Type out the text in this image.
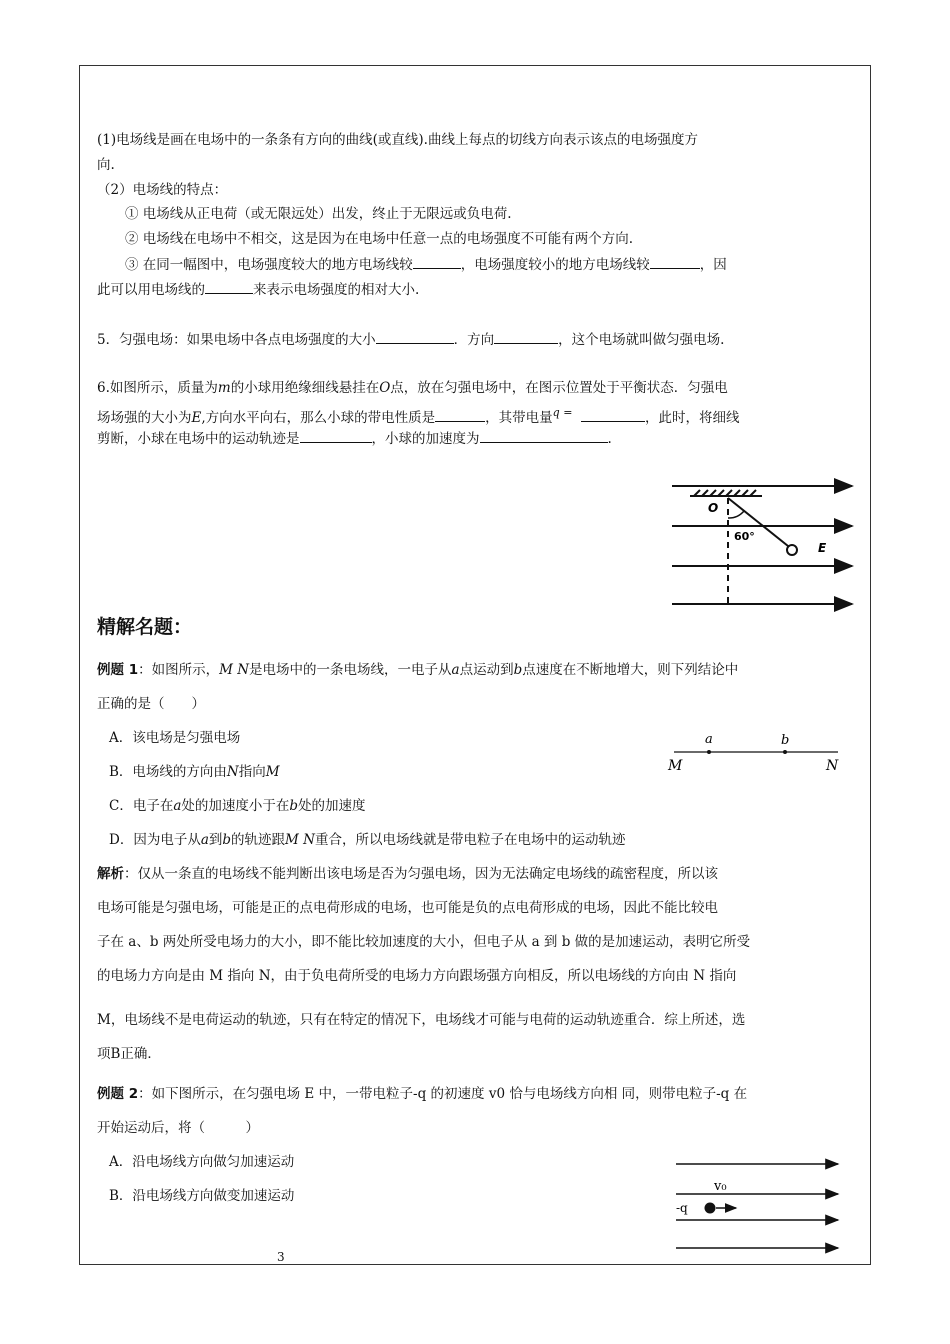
(1)电场线是画在电场中的一条条有方向的曲线(或直线).曲线上每点的切线方向表示该点的电场强度方
向.
（2）电场线的特点：
① 电场线从正电荷（或无限远处）出发，终止于无限远或负电荷.
② 电场线在电场中不相交，这是因为在电场中任意一点的电场强度不可能有两个方向.
③ 在同一幅图中，电场强度较大的地方电场线较	，电场强度较小的地方电场线较	，因
此可以用电场线的	来表示电场强度的相对大小.
5．匀强电场：如果电场中各点电场强度的大小	．方向	，这个电场就叫做匀强电场.
6.如图所示，质量为m的小球用绝缘细线悬挂在O点，放在匀强电场中，在图示位置处于平衡状态．匀强电
场场强的大小为E,方向水平向右，那么小球的带电性质是	，其带电量$^{q =}$	，此时，将细线
剪断，小球在电场中的运动轨迹是	，小球的加速度为	.
O
60°
E
精解名题：
例题 1：如图所示，M N是电场中的一条电场线，一电子从a点运动到b点速度在不断地增大，则下列结论中
正确的是（　　）
A．该电场是匀强电场
B．电场线的方向由N指向M
C．电子在a处的加速度小于在b处的加速度
D．因为电子从a到b的轨迹跟M N重合，所以电场线就是带电粒子在电场中的运动轨迹
a	b
M	N
解析：仅从一条直的电场线不能判断出该电场是否为匀强电场，因为无法确定电场线的疏密程度，所以该
电场可能是匀强电场，可能是正的点电荷形成的电场，也可能是负的点电荷形成的电场，因此不能比较电
子在 a、b 两处所受电场力的大小，即不能比较加速度的大小，但电子从 a 到 b 做的是加速运动，表明它所受
的电场力方向是由 M 指向 N，由于负电荷所受的电场力方向跟场强方向相反，所以电场线的方向由 N 指向
M，电场线不是电荷运动的轨迹，只有在特定的情况下，电场线才可能与电荷的运动轨迹重合．综上所述，选
项B正确．
例题 2：如下图所示，在匀强电场 E 中，一带电粒子-q 的初速度 v0 恰与电场线方向相 同，则带电粒子-q 在
开始运动后，将（　　　）
A．沿电场线方向做匀加速运动
B．沿电场线方向做变加速运动
v₀
-q
3
